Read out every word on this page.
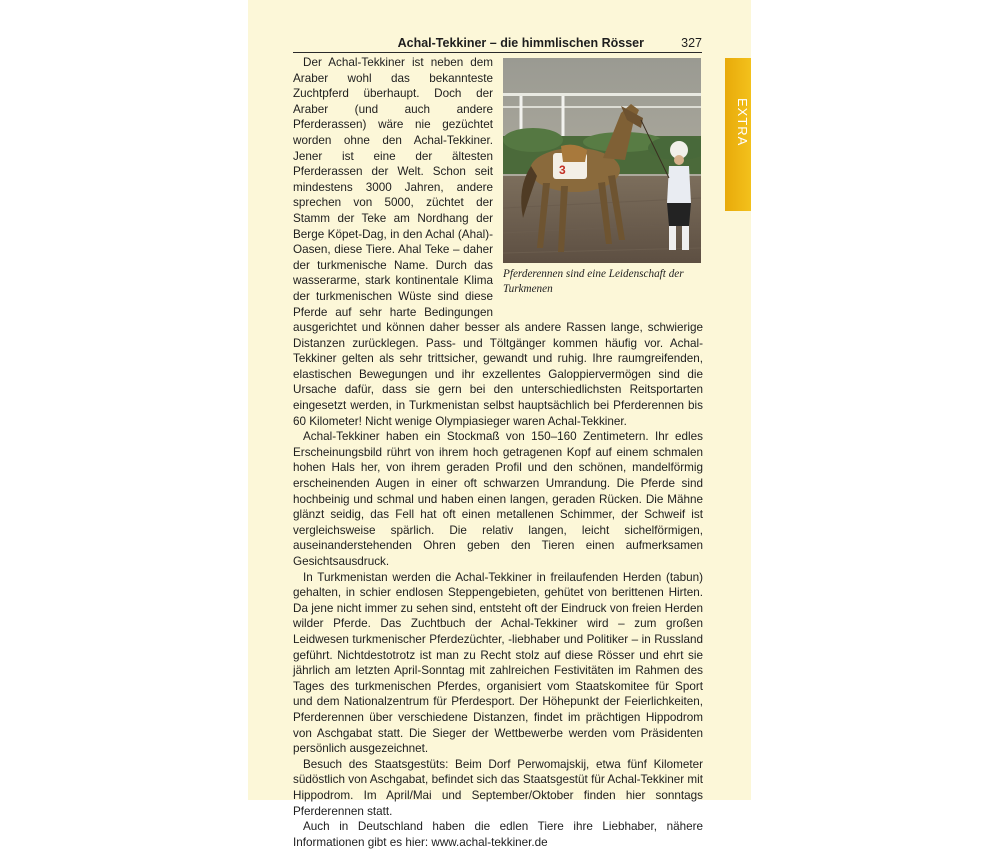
Achal-Tekkiner – die himmlischen Rösser	327
EXTRA
3
Pferderennen sind eine Leidenschaft der Turkmenen

Der Achal-Tekkiner ist neben dem Araber wohl das bekannteste Zuchtpferd überhaupt. Doch der Araber (und auch andere Pferderassen) wäre nie gezüchtet worden ohne den Achal-Tekkiner. Jener ist eine der ältesten Pferderassen der Welt. Schon seit mindestens 3000 Jahren, andere sprechen von 5000, züchtet der Stamm der Teke am Nordhang der Berge Köpet-Dag, in den Achal (Ahal)-Oasen, diese Tiere. Ahal Teke – daher der turkmenische Name. Durch das wasserarme, stark kontinentale Klima der turkmenischen Wüste sind diese Pferde auf sehr harte Bedingungen ausgerichtet und können daher besser als andere Rassen lange, schwierige Distanzen zurücklegen. Pass- und Töltgänger kommen häufig vor. Achal-Tekkiner gelten als sehr trittsicher, gewandt und ruhig. Ihre raumgreifenden, elastischen Bewegungen und ihr exzellentes Galoppiervermögen sind die Ursache dafür, dass sie gern bei den unterschiedlichsten Reitsportarten eingesetzt werden, in Turkmenistan selbst hauptsächlich bei Pferderennen bis 60 Kilometer! Nicht wenige Olympiasieger waren Achal-Tekkiner.

Achal-Tekkiner haben ein Stockmaß von 150–160 Zentimetern. Ihr edles Erscheinungsbild rührt von ihrem hoch getragenen Kopf auf einem schmalen hohen Hals her, von ihrem geraden Profil und den schönen, mandelförmig erscheinenden Augen in einer oft schwarzen Umrandung. Die Pferde sind hochbeinig und schmal und haben einen langen, geraden Rücken. Die Mähne glänzt seidig, das Fell hat oft einen metallenen Schimmer, der Schweif ist vergleichsweise spärlich. Die relativ langen, leicht sichelförmigen, auseinanderstehenden Ohren geben den Tieren einen aufmerksamen Gesichtsausdruck.

In Turkmenistan werden die Achal-Tekkiner in freilaufenden Herden (tabun) gehalten, in schier endlosen Steppengebieten, gehütet von berittenen Hirten. Da jene nicht immer zu sehen sind, entsteht oft der Eindruck von freien Herden wilder Pferde. Das Zuchtbuch der Achal-Tekkiner wird – zum großen Leidwesen turkmenischer Pferdezüchter, -liebhaber und Politiker – in Russland geführt. Nichtdestotrotz ist man zu Recht stolz auf diese Rösser und ehrt sie jährlich am letzten April-Sonntag mit zahlreichen Festivitäten im Rahmen des Tages des turkmenischen Pferdes, organisiert vom Staatskomitee für Sport und dem Nationalzentrum für Pferdesport. Der Höhepunkt der Feierlichkeiten, Pferderennen über verschiedene Distanzen, findet im prächtigen Hippodrom von Aschgabat statt. Die Sieger der Wettbewerbe werden vom Präsidenten persönlich ausgezeichnet.

Besuch des Staatsgestüts: Beim Dorf Perwomajskij, etwa fünf Kilometer südöstlich von Aschgabat, befindet sich das Staatsgestüt für Achal-Tekkiner mit Hippodrom. Im April/Mai und September/Oktober finden hier sonntags Pferderennen statt.

Auch in Deutschland haben die edlen Tiere ihre Liebhaber, nähere Informationen gibt es hier: www.achal-tekkiner.de
